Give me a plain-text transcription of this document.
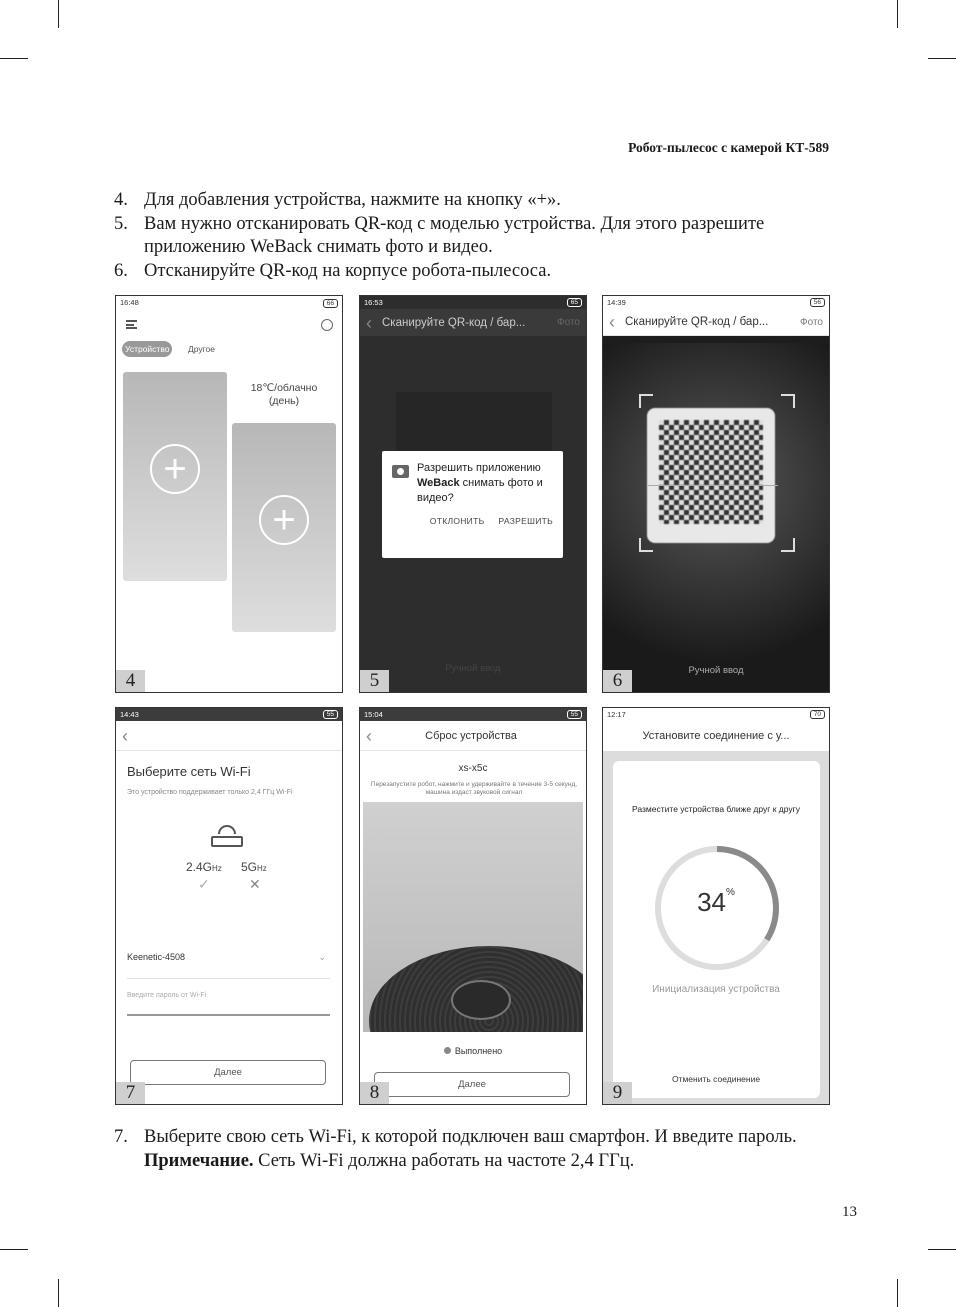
Робот-пылесос с камерой КТ-589
4. Для добавления устройства, нажмите на кнопку «+».
5. Вам нужно отсканировать QR-код с моделью устройства. Для этого разрешите приложению WeBack снимать фото и видео.
6. Отсканируйте QR-код на корпусе робота-пылесоса.
16:48	66
Устройство	Другое
+
18℃/облачно (день)
+
4
16:53	65
‹ Сканируйте QR-код / бар...	Фото
Разрешить приложению WeBack снимать фото и видео?
ОТКЛОНИТЬ РАЗРЕШИТЬ
Ручной ввод
5
14:39	56
‹ Сканируйте QR-код / бар...	Фото
Ручной ввод
6
14:43	55
‹
Выберите сеть Wi-Fi
Это устройство поддерживает только 2,4 ГГц Wi-Fi
2.4GHz 5GHz
✓	✕
Keenetic-4508	⌄
Введите пароль от Wi-Fi
Далее
7
15:04	55
‹	Сброс устройства
xs-x5c
Перезапустите робот, нажмите и удерживайте в течение 3-5 секунд, машина издаст звуковой сигнал
Выполнено
Далее
8
12:17	70
Установите соединение с у...
Разместите устройства ближе друг к другу
34%
Инициализация устройства
Отменить соединение
9
7. Выберите свою сеть Wi-Fi, к которой подключен ваш смартфон. И введите пароль.
Примечание. Сеть Wi-Fi должна работать на частоте 2,4 ГГц.
13
